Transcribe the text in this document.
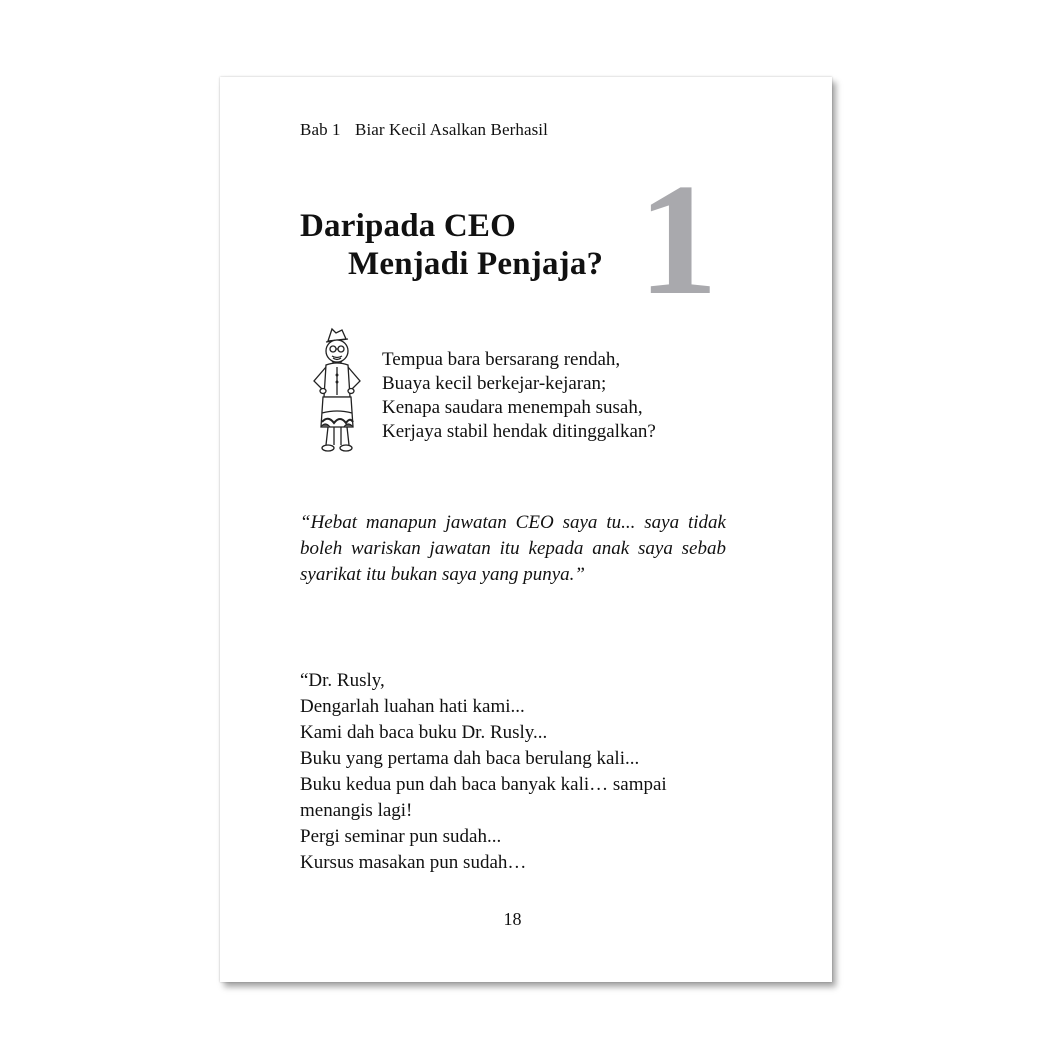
Bab 1 Biar Kecil Asalkan Berhasil
Daripada CEO
Menjadi Penjaja? 1
Tempua bara bersarang rendah,
Buaya kecil berkejar-kejaran;
Kenapa saudara menempah susah,
Kerjaya stabil hendak ditinggalkan?
“Hebat manapun jawatan CEO saya tu... saya tidak boleh wariskan jawatan itu kepada anak saya sebab syarikat itu bukan saya yang punya.”
“Dr. Rusly,
Dengarlah luahan hati kami...
Kami dah baca buku Dr. Rusly...
Buku yang pertama dah baca berulang kali...
Buku kedua pun dah baca banyak kali… sampai
menangis lagi!
Pergi seminar pun sudah...
Kursus masakan pun sudah…
18
